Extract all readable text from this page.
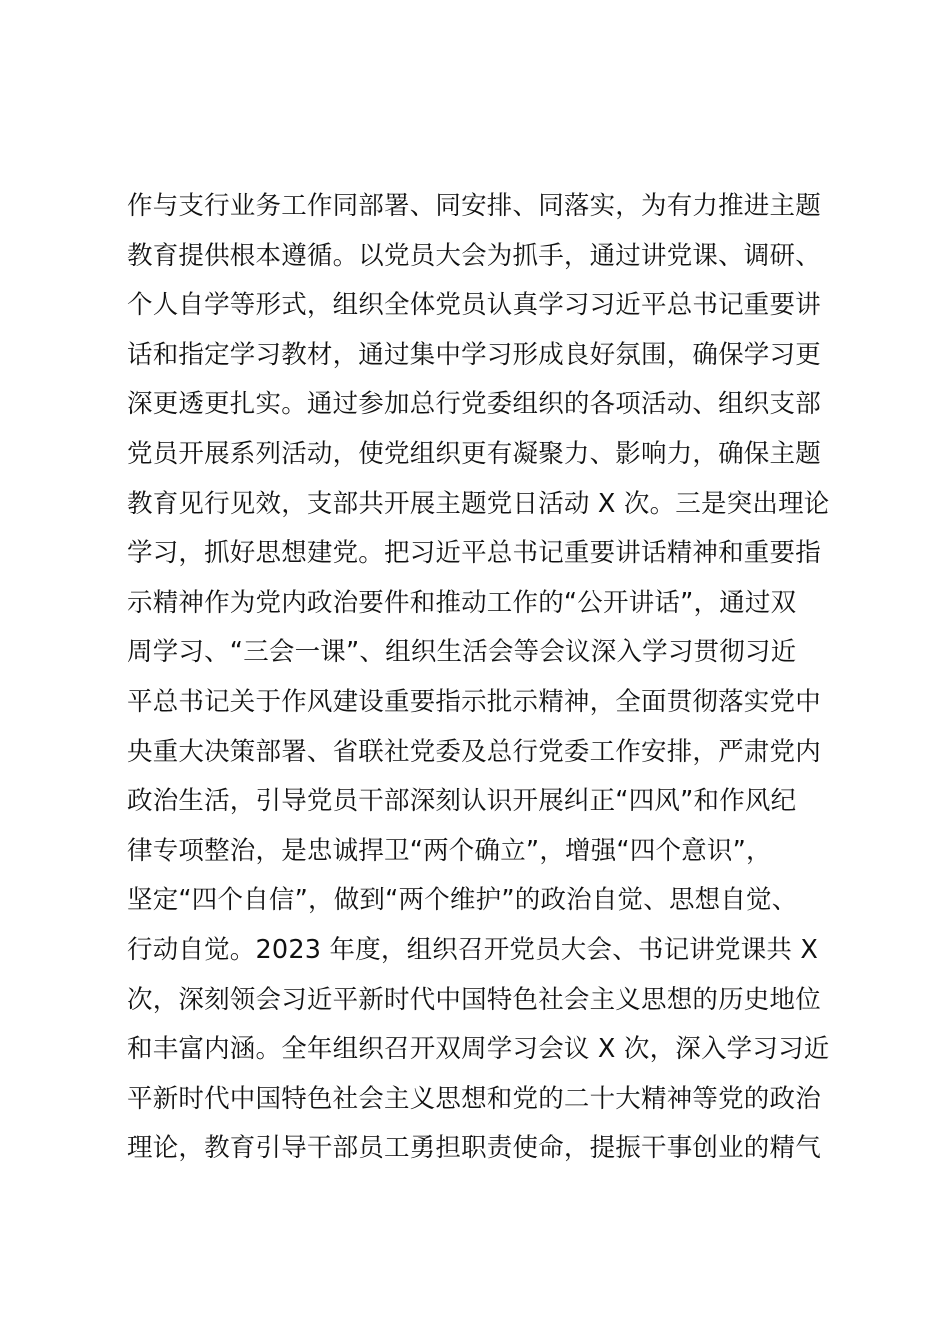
作与支行业务工作同部署、同安排、同落实，为有力推进主题
教育提供根本遵循。以党员大会为抓手，通过讲党课、调研、
个人自学等形式，组织全体党员认真学习习近平总书记重要讲
话和指定学习教材，通过集中学习形成良好氛围，确保学习更
深更透更扎实。通过参加总行党委组织的各项活动、组织支部
党员开展系列活动，使党组织更有凝聚力、影响力，确保主题
教育见行见效，支部共开展主题党日活动 X 次。三是突出理论
学习，抓好思想建党。把习近平总书记重要讲话精神和重要指
示精神作为党内政治要件和推动工作的“公开讲话”，通过双
周学习、“三会一课”、组织生活会等会议深入学习贯彻习近
平总书记关于作风建设重要指示批示精神，全面贯彻落实党中
央重大决策部署、省联社党委及总行党委工作安排，严肃党内
政治生活，引导党员干部深刻认识开展纠正“四风”和作风纪
律专项整治，是忠诚捍卫“两个确立”，增强“四个意识”，
坚定“四个自信”，做到“两个维护”的政治自觉、思想自觉、
行动自觉。2023 年度，组织召开党员大会、书记讲党课共 X
次，深刻领会习近平新时代中国特色社会主义思想的历史地位
和丰富内涵。全年组织召开双周学习会议 X 次，深入学习习近
平新时代中国特色社会主义思想和党的二十大精神等党的政治
理论，教育引导干部员工勇担职责使命，提振干事创业的精气
